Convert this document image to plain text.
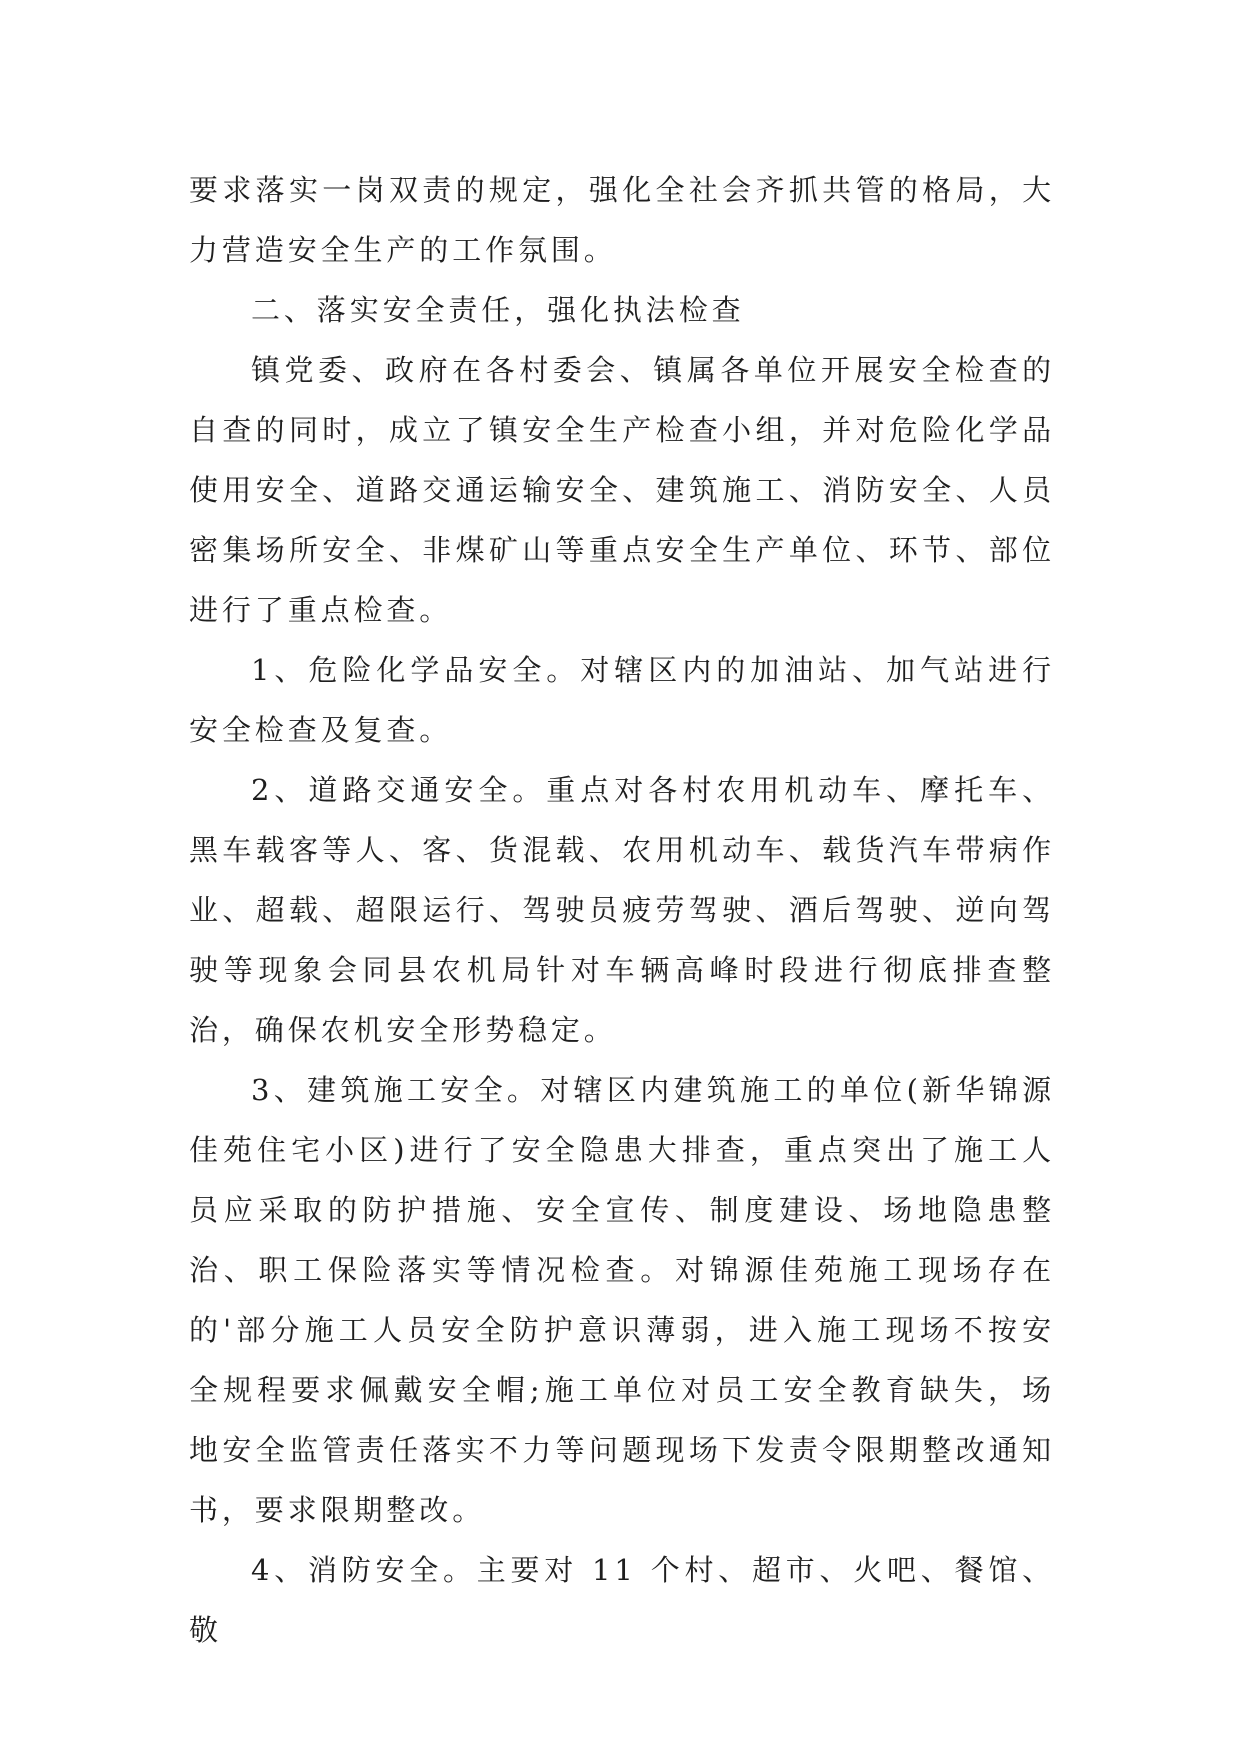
要求落实一岗双责的规定，强化全社会齐抓共管的格局，大力营造安全生产的工作氛围。

二、落实安全责任，强化执法检查

镇党委、政府在各村委会、镇属各单位开展安全检查的自查的同时，成立了镇安全生产检查小组，并对危险化学品使用安全、道路交通运输安全、建筑施工、消防安全、人员密集场所安全、非煤矿山等重点安全生产单位、环节、部位进行了重点检查。

1、危险化学品安全。对辖区内的加油站、加气站进行安全检查及复查。

2、道路交通安全。重点对各村农用机动车、摩托车、黑车载客等人、客、货混载、农用机动车、载货汽车带病作业、超载、超限运行、驾驶员疲劳驾驶、酒后驾驶、逆向驾驶等现象会同县农机局针对车辆高峰时段进行彻底排查整治，确保农机安全形势稳定。

3、建筑施工安全。对辖区内建筑施工的单位(新华锦源佳苑住宅小区)进行了安全隐患大排查，重点突出了施工人员应采取的防护措施、安全宣传、制度建设、场地隐患整治、职工保险落实等情况检查。对锦源佳苑施工现场存在的'部分施工人员安全防护意识薄弱，进入施工现场不按安全规程要求佩戴安全帽;施工单位对员工安全教育缺失，场地安全监管责任落实不力等问题现场下发责令限期整改通知书，要求限期整改。

4、消防安全。主要对 11 个村、超市、火吧、餐馆、敬
